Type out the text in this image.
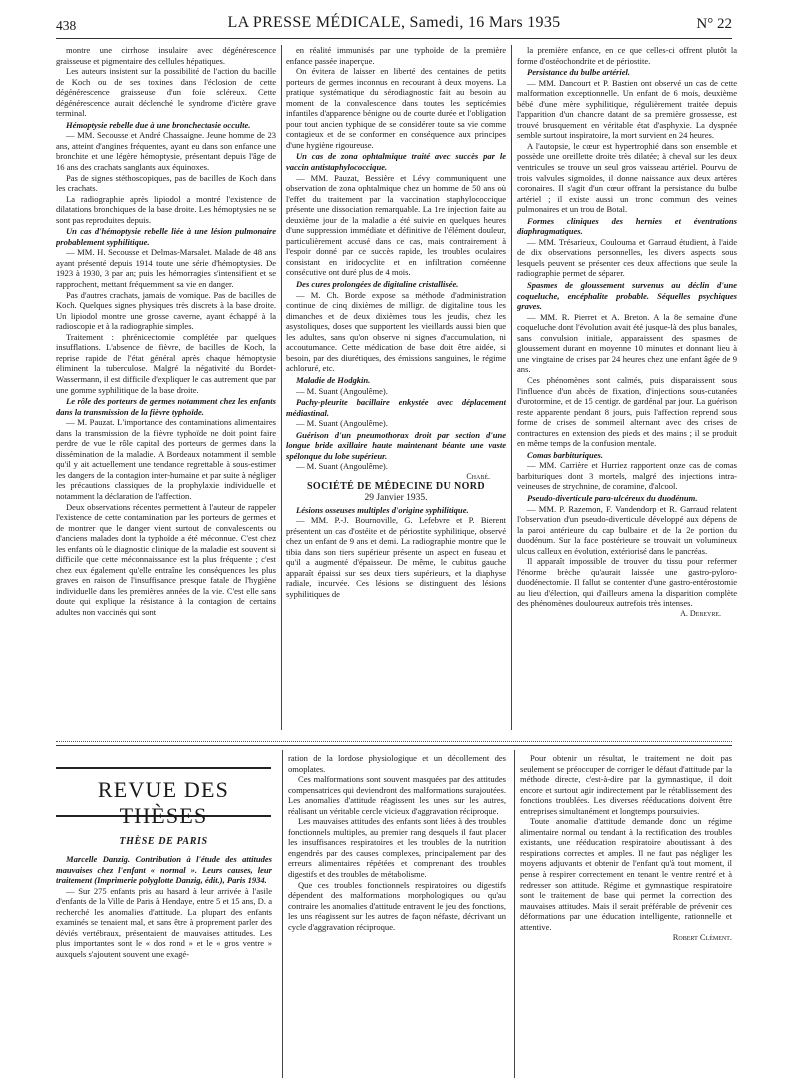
438	LA PRESSE MÉDICALE, Samedi, 16 Mars 1935	N° 22

montre une cirrhose insulaire avec dégénérescence graisseuse et pigmentaire des cellules hépatiques.

Les auteurs insistent sur la possibilité de l'action du bacille de Koch ou de ses toxines dans l'éclosion de cette dégénérescence graisseuse d'un foie scléreux. Cette dégénérescence aurait déclenché le syndrome d'ictère grave terminal.

Hémoptysie rebelle due à une bronchectasie occulte.

— MM. Secousse et André Chassaigne. Jeune homme de 23 ans, atteint d'angines fréquentes, ayant eu dans son enfance une bronchite et une légère hémoptysie, présentant depuis l'âge de 16 ans des crachats sanglants aux équinoxes.

Pas de signes stéthoscopiques, pas de bacilles de Koch dans les crachats.

La radiographie après lipiodol a montré l'existence de dilatations bronchiques de la base droite. Les hémoptysies ne se sont pas reproduites depuis.

Un cas d'hémoptysie rebelle liée à une lésion pulmonaire probablement syphilitique.

— MM. H. Secousse et Delmas-Marsalet. Malade de 48 ans ayant présenté depuis 1914 toute une série d'hémoptysies. De 1923 à 1930, 3 par an; puis les hémorragies s'intensifient et se rapprochent, mettant fréquemment sa vie en danger.

Pas d'autres crachats, jamais de vomique. Pas de bacilles de Koch. Quelques signes physiques très discrets à la base droite. Un lipiodol montre une grosse caverne, ayant échappé à la radioscopie et à la radiographie simples.

Traitement : phrénicectomie complétée par quelques insufflations. L'absence de fièvre, de bacilles de Koch, la reprise rapide de l'état général après chaque hémoptysie éliminent la tuberculose. Malgré la négativité du Bordet-Wassermann, il est difficile d'expliquer le cas autrement que par une gomme syphilitique de la base droite.

Le rôle des porteurs de germes notamment chez les enfants dans la transmission de la fièvre typhoïde.

— M. Pauzat. L'importance des contaminations alimentaires dans la transmission de la fièvre typhoïde ne doit point faire perdre de vue le rôle capital des porteurs de germes dans la dissémination de la maladie. A Bordeaux notamment il semble qu'il y ait actuellement une tendance regrettable à sous-estimer les dangers de la contagion inter-humaine et par suite à négliger les précautions classiques de la prophylaxie individuelle et notamment la déclaration de l'affection.

Deux observations récentes permettent à l'auteur de rappeler l'existence de cette contamination par les porteurs de germes et de montrer que le danger vient surtout de convalescents ou d'anciens malades dont la typhoïde a été méconnue. C'est chez les enfants où le diagnostic clinique de la maladie est souvent si difficile que cette méconnaissance est la plus fréquente ; c'est chez eux également qu'elle entraîne les conséquences les plus graves en raison de l'insuffisance presque fatale de l'hygiène individuelle dans les premières années de la vie. C'est elle sans doute qui explique la résistance à la contagion de certains adultes non vaccinés qui sont

en réalité immunisés par une typhoïde de la première enfance passée inaperçue.

On évitera de laisser en liberté des centaines de petits porteurs de germes inconnus en recourant à deux moyens. La pratique systématique du sérodiagnostic fait au besoin au moment de la convalescence dans toutes les septicémies infantiles d'apparence bénigne ou de courte durée et l'obligation pour tout ancien typhique de se considérer toute sa vie comme contagieux et de se conformer en conséquence aux principes d'une hygiène rigoureuse.

Un cas de zona ophtalmique traité avec succès par le vaccin antistaphylococcique.

— MM. Pauzat, Bessière et Lévy communiquent une observation de zona ophtalmique chez un homme de 50 ans où l'effet du traitement par la vaccination staphylococcique présente une dissociation remarquable. La 1re injection faite au deuxième jour de la maladie a été suivie en quelques heures d'une suppression immédiate et définitive de l'élément douleur, particulièrement accusé dans ce cas, mais contrairement à l'espoir donné par ce succès rapide, les troubles oculaires consistant en iridocyclite et en infiltration cornéenne consécutive ont duré plus de 4 mois.

Des cures prolongées de digitaline cristallisée.

— M. Ch. Borde expose sa méthode d'administration continue de cinq dixièmes de milligr. de digitaline tous les dimanches et de deux dixièmes tous les jeudis, chez les asystoliques, doses que supportent les vieillards aussi bien que les adultes, sans qu'on observe ni signes d'accumulation, ni accoutumance. Cette médication de base doit être aidée, si besoin, par des diurétiques, des émissions sanguines, le régime achloruré, etc.

Maladie de Hodgkin.

— M. Suant (Angoulême).

Pachy-pleurite bacillaire enkystée avec déplacement médiastinal.

— M. Suant (Angoulême).

Guérison d'un pneumothorax droit par section d'une longue bride axillaire haute maintenant béante une vaste spélonque du lobe supérieur.

— M. Suant (Angoulême).

Chabé.

SOCIÉTÉ DE MÉDECINE DU NORD

29 Janvier 1935.

Lésions osseuses multiples d'origine syphilitique.

— MM. P.-J. Bournoville, G. Lefebvre et P. Bierent présentent un cas d'ostéite et de périostite syphilitique, observé chez un enfant de 9 ans et demi. La radiographie montre que le tibia dans son tiers supérieur présente un aspect en fuseau et qu'il a augmenté d'épaisseur. De même, le cubitus gauche apparaît épaissi sur ses deux tiers supérieurs, et la diaphyse radiale, incurvée. Ces lésions se distinguent des lésions syphilitiques de

la première enfance, en ce que celles-ci offrent plutôt la forme d'ostéochondrite et de périostite.

Persistance du bulbe artériel.

— MM. Dancourt et P. Bastien ont observé un cas de cette malformation exceptionnelle. Un enfant de 6 mois, deuxième bébé d'une mère syphilitique, régulièrement traitée depuis l'apparition d'un chancre datant de sa première grossesse, est trouvé brusquement en véritable état d'asphyxie. La dyspnée semble surtout inspiratoire, la mort survient en 24 heures.

A l'autopsie, le cœur est hypertrophié dans son ensemble et possède une oreillette droite très dilatée; à cheval sur les deux ventricules se trouve un seul gros vaisseau artériel. Pourvu de trois valvules sigmoïdes, il donne naissance aux deux artères coronaires. Il s'agit d'un cœur offrant la persistance du bulbe artériel ; il existe aussi un tronc commun des veines pulmonaires et un trou de Botal.

Formes cliniques des hernies et éventrations diaphragmatiques.

— MM. Trésarieux, Couloumа et Garraud étudient, à l'aide de dix observations personnelles, les divers aspects sous lesquels peuvent se présenter ces deux affections que seule la radiographie permet de séparer.

Spasmes de gloussement survenus au déclin d'une coqueluche, encéphalite probable. Séquelles psychiques graves.

— MM. R. Pierret et A. Breton. A la 8e semaine d'une coqueluche dont l'évolution avait été jusque-là des plus banales, sans convulsion initiale, apparaissent des spasmes de gloussement durant en moyenne 10 minutes et donnant lieu à une vingtaine de crises par 24 heures chez une enfant âgée de 9 ans.

Ces phénomènes sont calmés, puis disparaissent sous l'influence d'un abcès de fixation, d'injections sous-cutanées d'urotormine, et de 15 centigr. de gardénal par jour. La guérison reste apparente pendant 8 jours, puis l'affection reprend sous forme de crises de sommeil alternant avec des crises de contractures en extension des pieds et des mains ; il se produit en même temps de la confusion mentale.

Comas barbituriques.

— MM. Carrière et Hurriez rapportent onze cas de comas barbituriques dont 3 mortels, malgré des injections intra-veineuses de strychnine, de coramine, d'alcool.

Pseudo-diverticule para-ulcéreux du duodénum.

— MM. P. Razemon, F. Vandendorp et R. Garraud relatent l'observation d'un pseudo-diverticule développé aux dépens de la paroi antérieure du cap bulbaire et de la 2e portion du duodénum. Sur la face postérieure se trouvait un volumineux ulcus calleux en évolution, extériorisé dans le pancréas.

Il apparaît impossible de trouver du tissu pour refermer l'énorme brèche qu'aurait laissée une gastro-pyloro-duodénectomie. Il fallut se contenter d'une gastro-entérostomie au lieu d'élection, qui d'ailleurs amena la disparition complète des phénomènes douloureux autrefois très intenses.

A. Debeyre.

REVUE DES THÈSES
THÈSE DE PARIS

Marcelle Danzig. Contribution à l'étude des attitudes mauvaises chez l'enfant « normal ». Leurs causes, leur traitement (Imprimerie polyglotte Danzig, édit.), Paris 1934.

— Sur 275 enfants pris au hasard à leur arrivée à l'asile d'enfants de la Ville de Paris à Hendaye, entre 5 et 15 ans, D. a recherché les anomalies d'attitude. La plupart des enfants examinés se tenaient mal, et sans être à proprement parler des déviés vertébraux, présentaient de mauvaises attitudes. Les plus importantes sont le « dos rond » et le « gros ventre » auxquels s'ajoutent souvent une exagé-

ration de la lordose physiologique et un décollement des omoplates.

Ces malformations sont souvent masquées par des attitudes compensatrices qui deviendront des malformations surajoutées. Les anomalies d'attitude réagissent les unes sur les autres, réalisant un véritable cercle vicieux d'aggravation réciproque.

Les mauvaises attitudes des enfants sont liées à des troubles fonctionnels multiples, au premier rang desquels il faut placer les insuffisances respiratoires et les troubles de la nutrition engendrés par des causes complexes, principalement par des erreurs alimentaires répétées et comprenant des troubles digestifs et des troubles de métabolisme.

Que ces troubles fonctionnels respiratoires ou digestifs dépendent des malformations morphologiques ou qu'au contraire les anomalies d'attitude entravent le jeu des fonctions, les uns réagissent sur les autres de façon néfaste, décrivant un cycle d'aggravation réciproque.

Pour obtenir un résultat, le traitement ne doit pas seulement se préoccuper de corriger le défaut d'attitude par la méthode directe, c'est-à-dire par la gymnastique, il doit encore et surtout agir indirectement par le rétablissement des fonctions troublées. Les diverses rééducations doivent être entreprises simultanément et longtemps poursuivies.

Toute anomalie d'attitude demande donc un régime alimentaire normal ou tendant à la rectification des troubles existants, une rééducation respiratoire aboutissant à des respirations correctes et amples. Il ne faut pas négliger les moyens adjuvants et obtenir de l'enfant qu'à tout moment, il pense à respirer correctement en tenant le ventre rentré et à redresser son attitude. Régime et gymnastique respiratoire sont le traitement de base qui permet la correction des mauvaises attitudes. Mais il serait préférable de prévenir ces déformations par une éducation intelligente, rationnelle et attentive.

Robert Clément.
